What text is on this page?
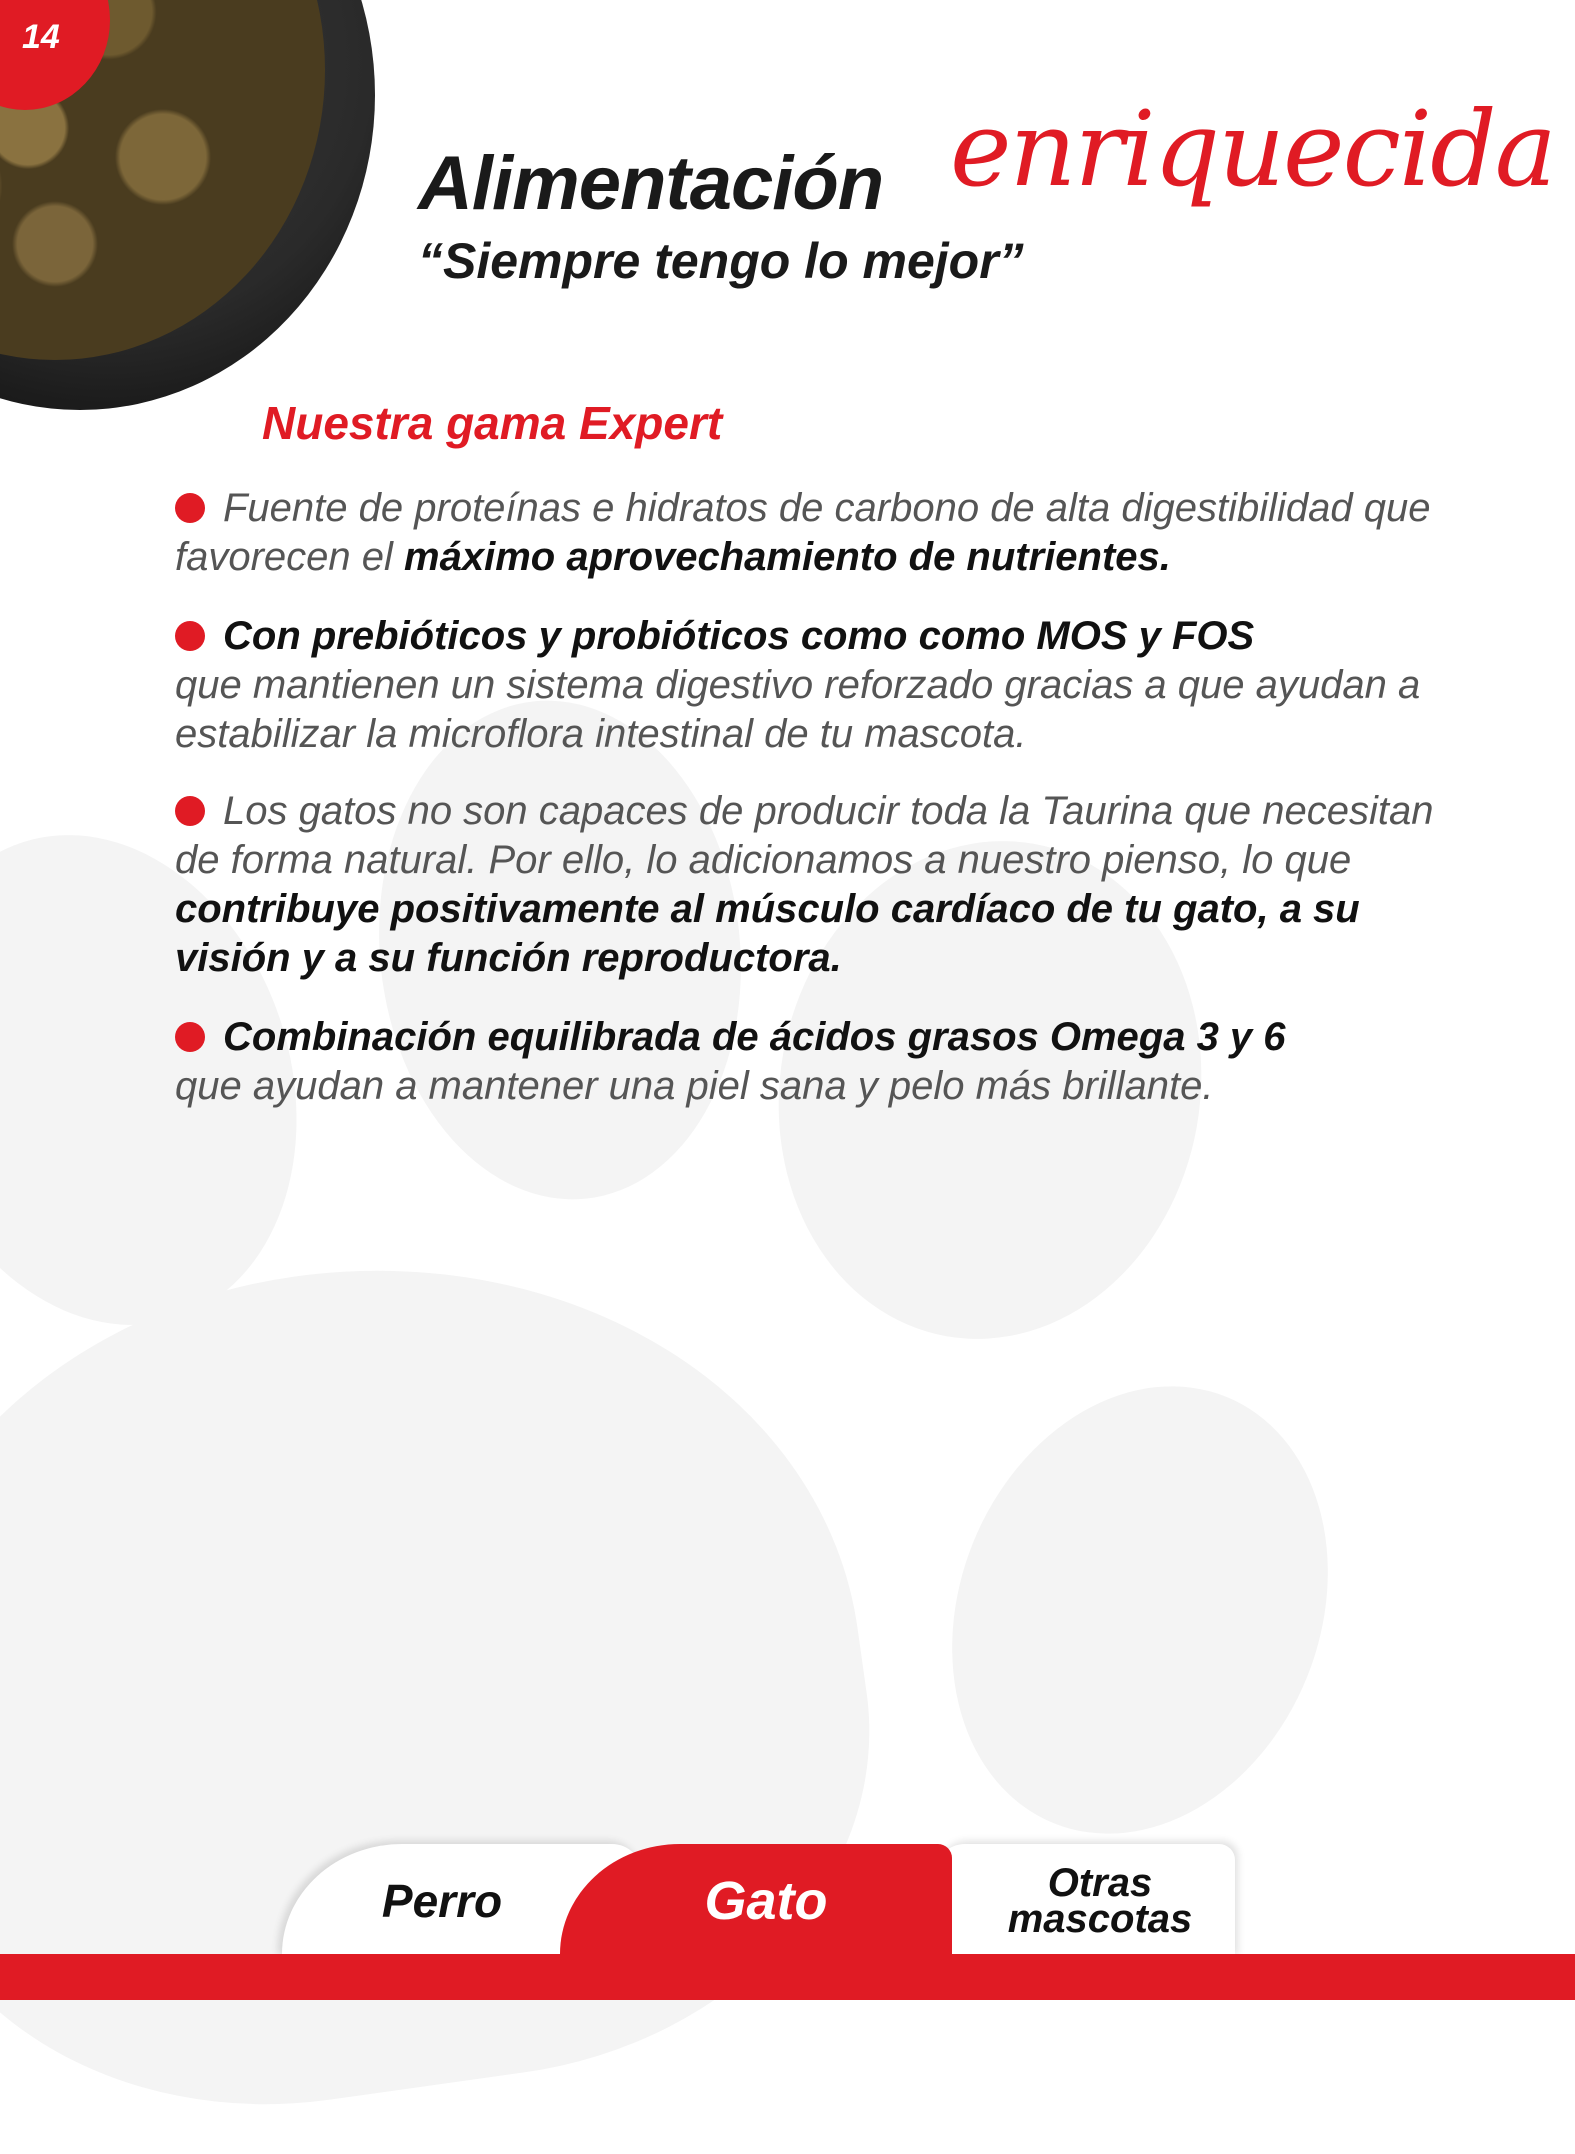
14
Alimentación enriquecida
“Siempre tengo lo mejor”
Nuestra gama Expert
Fuente de proteínas e hidratos de carbono de alta digestibilidad que favorecen el máximo aprovechamiento de nutrientes.
Con prebióticos y probióticos como como MOS y FOS
que mantienen un sistema digestivo reforzado gracias a que ayudan a estabilizar la microflora intestinal de tu mascota.
Los gatos no son capaces de producir toda la Taurina que necesitan de forma natural. Por ello, lo adicionamos a nuestro pienso, lo que contribuye positivamente al músculo cardíaco de tu gato, a su visión y a su función reproductora.
Combinación equilibrada de ácidos grasos Omega 3 y 6
que ayudan a mantener una piel sana y pelo más brillante.
Perro	Otras
mascotas
Gato
